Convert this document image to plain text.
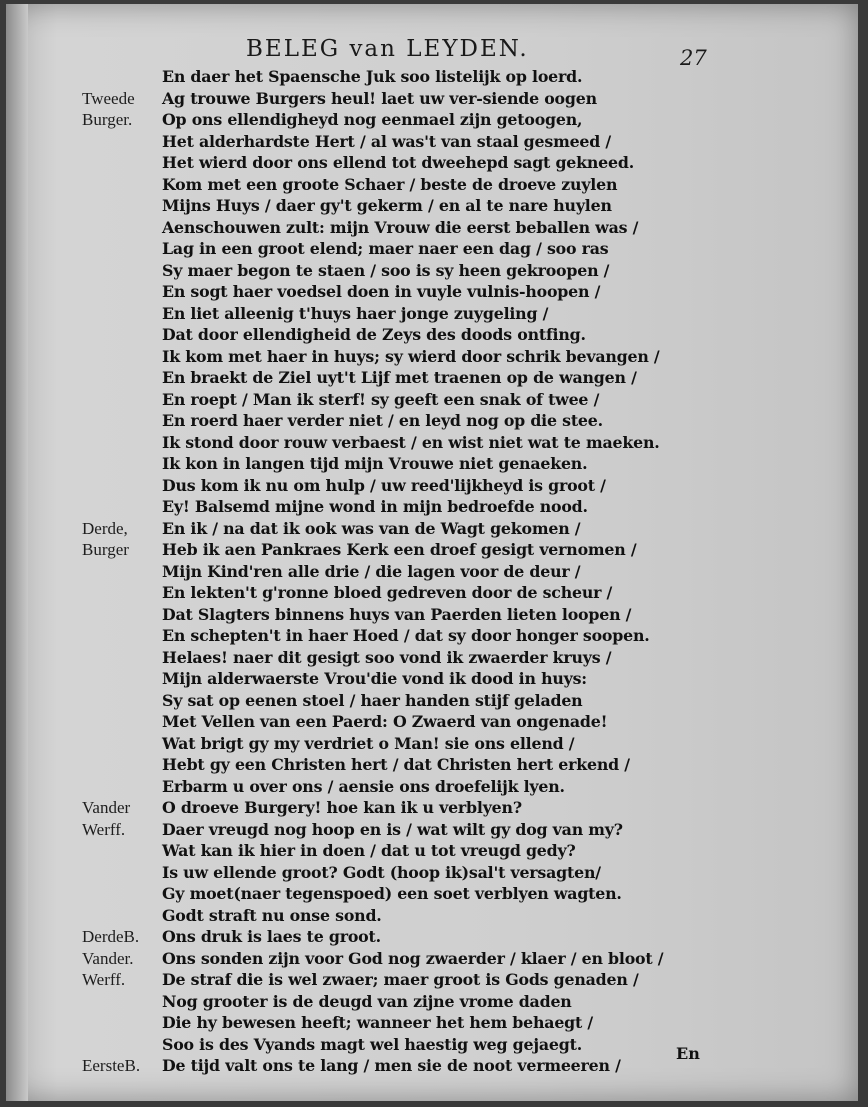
BELEG van LEYDEN.	27
En daer het Spaensche Juk soo listelijk op loerd.
Tweede Ag trouwe Burgers heul! laet uw ver-siende oogen
Burger. Op ons ellendigheyd nog eenmael zijn getoogen,
Het alderhardste Hert / al was't van staal gesmeed /
Het wierd door ons ellend tot dweehepd sagt gekneed.
Kom met een groote Schaer / beste de droeve zuylen
Mijns Huys / daer gy't gekerm / en al te nare huylen
Aenschouwen zult: mijn Vrouw die eerst beballen was /
Lag in een groot elend; maer naer een dag / soo ras
Sy maer begon te staen / soo is sy heen gekroopen /
En sogt haer voedsel doen in vuyle vulnis-hoopen /
En liet alleenig t'huys haer jonge zuygeling /
Dat door ellendigheid de Zeys des doods ontfing.
Ik kom met haer in huys; sy wierd door schrik bevangen /
En braekt de Ziel uyt't Lijf met traenen op de wangen /
En roept / Man ik sterf! sy geeft een snak of twee /
En roerd haer verder niet / en leyd nog op die stee.
Ik stond door rouw verbaest / en wist niet wat te maeken.
Ik kon in langen tijd mijn Vrouwe niet genaeken.
Dus kom ik nu om hulp / uw reed'lijkheyd is groot /
Ey! Balsemd mijne wond in mijn bedroefde nood.
Derde, En ik / na dat ik ook was van de Wagt gekomen /
Burger Heb ik aen Pankraes Kerk een droef gesigt vernomen /
Mijn Kind'ren alle drie / die lagen voor de deur /
En lekten't g'ronne bloed gedreven door de scheur /
Dat Slagters binnens huys van Paerden lieten loopen /
En schepten't in haer Hoed / dat sy door honger soopen.
Helaes! naer dit gesigt soo vond ik zwaerder kruys /
Mijn alderwaerste Vrou'die vond ik dood in huys:
Sy sat op eenen stoel / haer handen stijf geladen
Met Vellen van een Paerd: O Zwaerd van ongenade!
Wat brigt gy my verdriet o Man! sie ons ellend /
Hebt gy een Christen hert / dat Christen hert erkend /
Erbarm u over ons / aensie ons droefelijk lyen.
Vander O droeve Burgery! hoe kan ik u verblyen?
Werff. Daer vreugd nog hoop en is / wat wilt gy dog van my?
Wat kan ik hier in doen / dat u tot vreugd gedy?
Is uw ellende groot? Godt (hoop ik)sal't versagten/
Gy moet(naer tegenspoed) een soet verblyen wagten.
Godt straft nu onse sond.
DerdeB. Ons druk is laes te groot.
Vander. Ons sonden zijn voor God nog zwaerder / klaer / en bloot /
Werff. De straf die is wel zwaer; maer groot is Gods genaden /
Nog grooter is de deugd van zijne vrome daden
Die hy bewesen heeft; wanneer het hem behaegt /
Soo is des Vyands magt wel haestig weg gejaegt.
EersteB. De tijd valt ons te lang / men sie de noot vermeeren /
En
